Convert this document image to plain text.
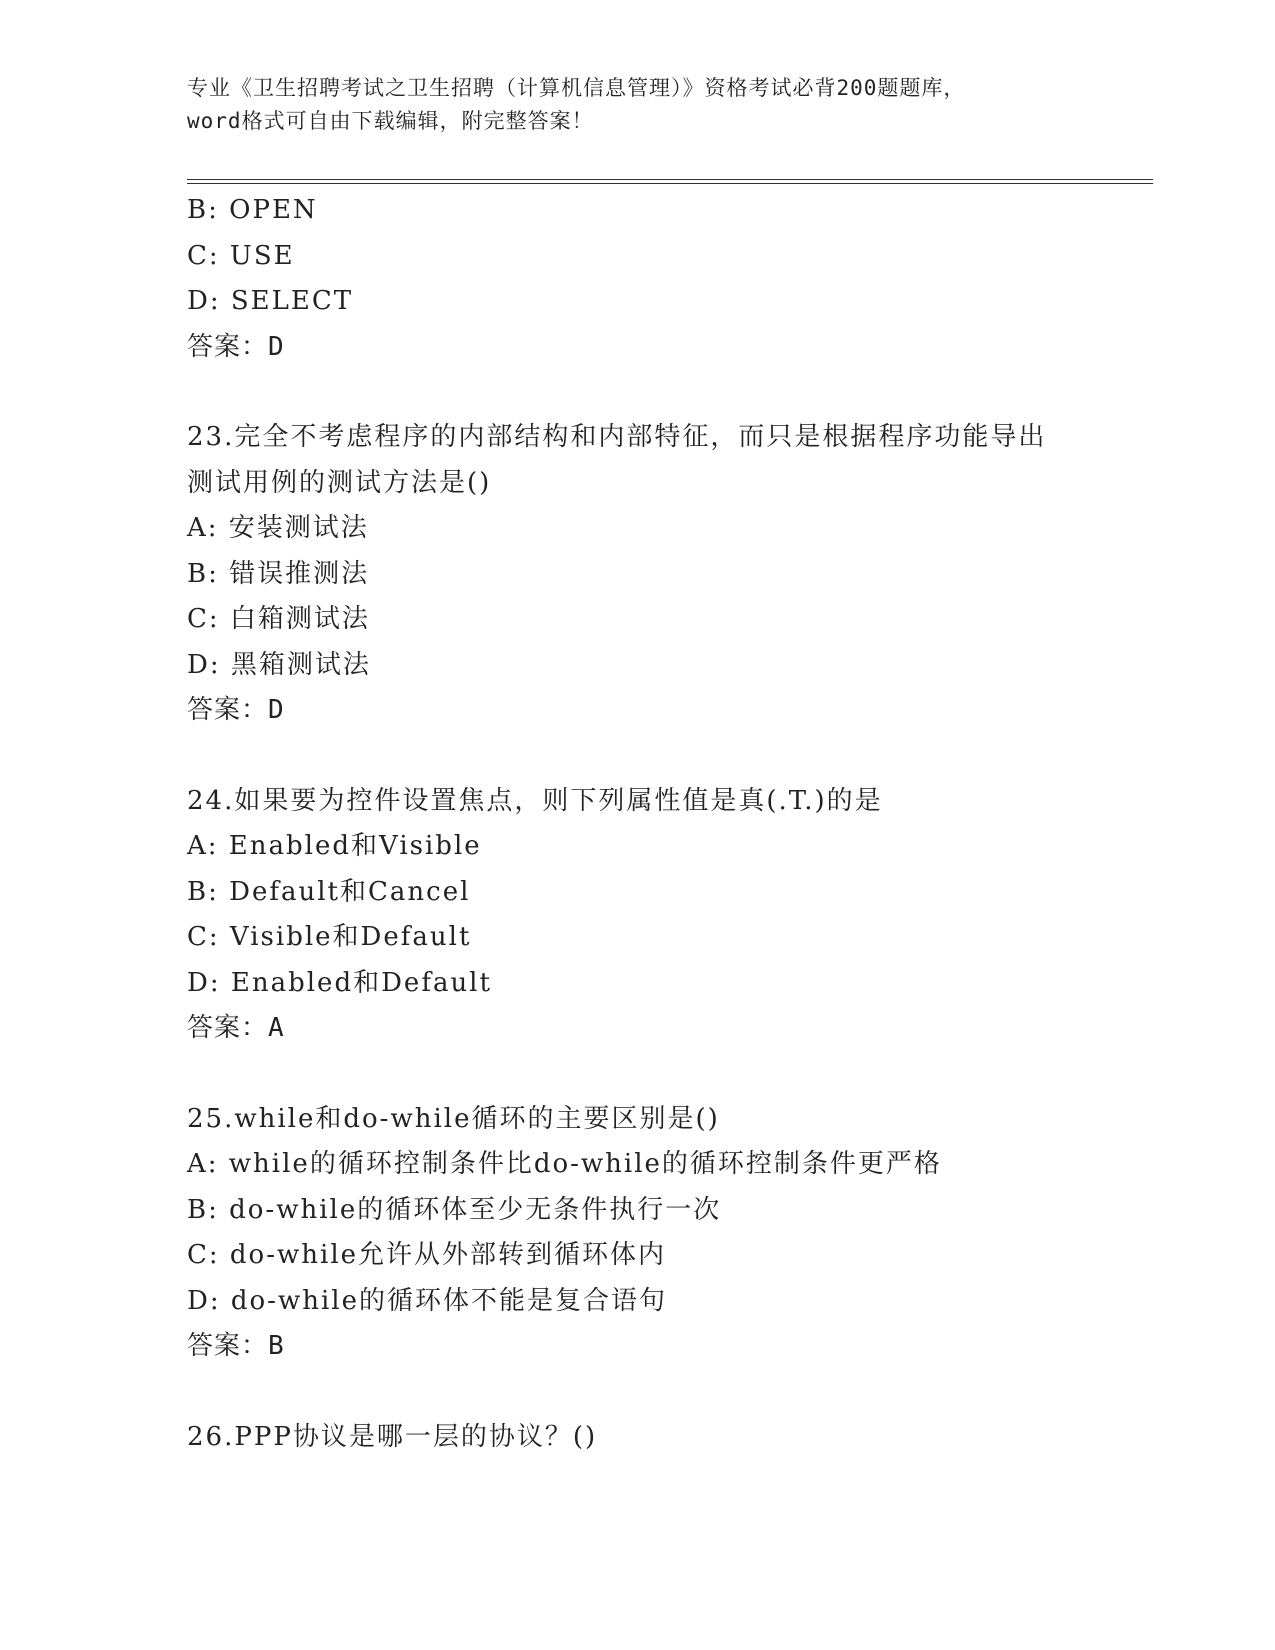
专业《卫生招聘考试之卫生招聘（计算机信息管理）》资格考试必背200题题库，
word格式可自由下载编辑，附完整答案！
B: OPEN
C: USE
D: SELECT
答案：D
23.完全不考虑程序的内部结构和内部特征，而只是根据程序功能导出
测试用例的测试方法是()
A: 安装测试法
B: 错误推测法
C: 白箱测试法
D: 黑箱测试法
答案：D
24.如果要为控件设置焦点，则下列属性值是真(.T.)的是
A: Enabled和Visible
B: Default和Cancel
C: Visible和Default
D: Enabled和Default
答案：A
25.while和do-while循环的主要区别是()
A: while的循环控制条件比do-while的循环控制条件更严格
B: do-while的循环体至少无条件执行一次
C: do-while允许从外部转到循环体内
D: do-while的循环体不能是复合语句
答案：B
26.PPP协议是哪一层的协议？()
